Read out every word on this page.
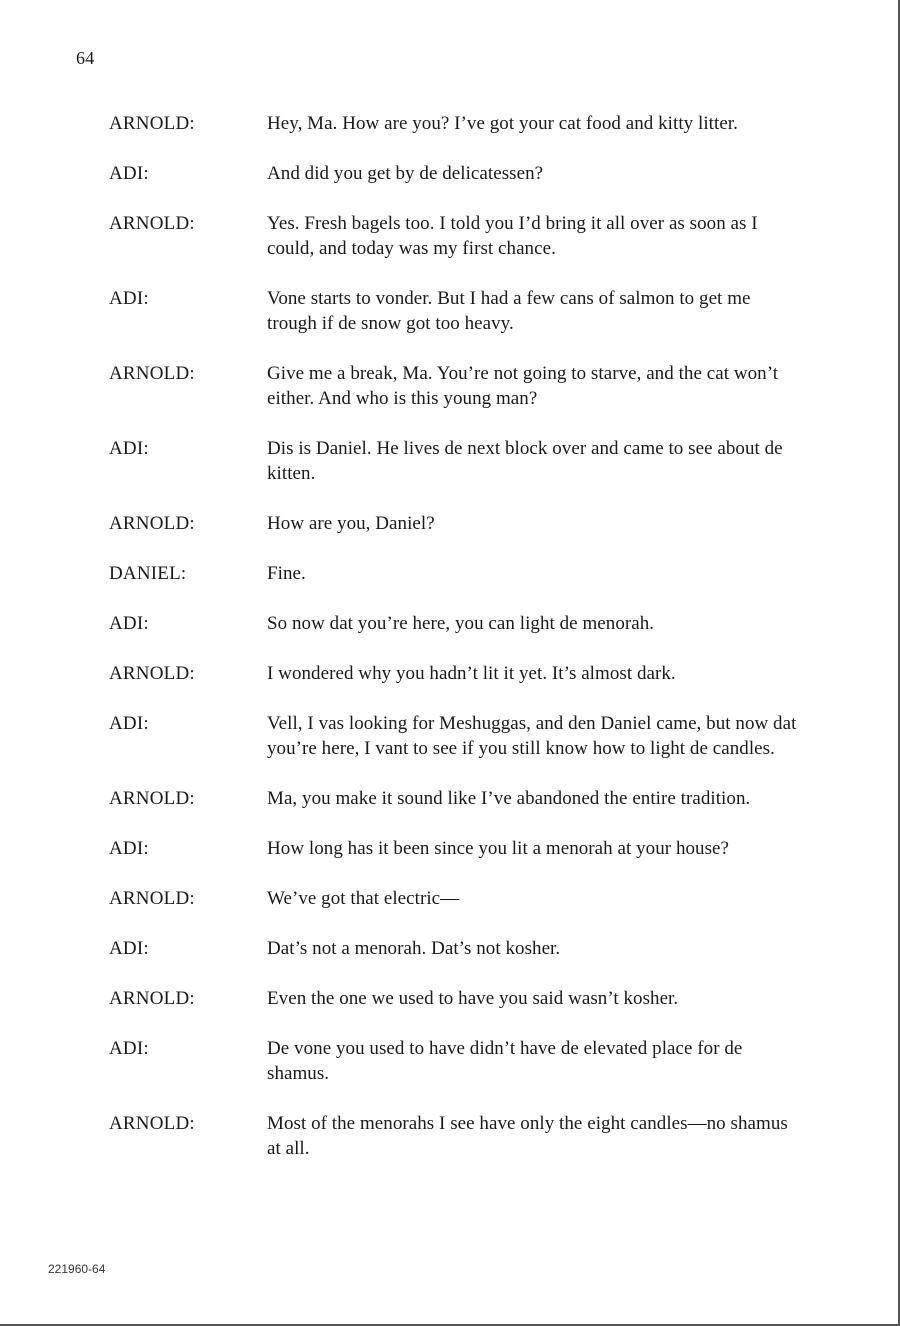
64
ARNOLD:	Hey, Ma. How are you? I’ve got your cat food and kitty litter.
ADI:	And did you get by de delicatessen?
ARNOLD:	Yes. Fresh bagels too. I told you I’d bring it all over as soon as I could, and today was my first chance.
ADI:	Vone starts to vonder. But I had a few cans of salmon to get me trough if de snow got too heavy.
ARNOLD:	Give me a break, Ma. You’re not going to starve, and the cat won’t either. And who is this young man?
ADI:	Dis is Daniel. He lives de next block over and came to see about de kitten.
ARNOLD:	How are you, Daniel?
DANIEL:	Fine.
ADI:	So now dat you’re here, you can light de menorah.
ARNOLD:	I wondered why you hadn’t lit it yet. It’s almost dark.
ADI:	Vell, I vas looking for Meshuggas, and den Daniel came, but now dat you’re here, I vant to see if you still know how to light de candles.
ARNOLD:	Ma, you make it sound like I’ve abandoned the entire tradition.
ADI:	How long has it been since you lit a menorah at your house?
ARNOLD:	We’ve got that electric—
ADI:	Dat’s not a menorah. Dat’s not kosher.
ARNOLD:	Even the one we used to have you said wasn’t kosher.
ADI:	De vone you used to have didn’t have de elevated place for de shamus.
ARNOLD:	Most of the menorahs I see have only the eight candles—no shamus at all.
221960-64
